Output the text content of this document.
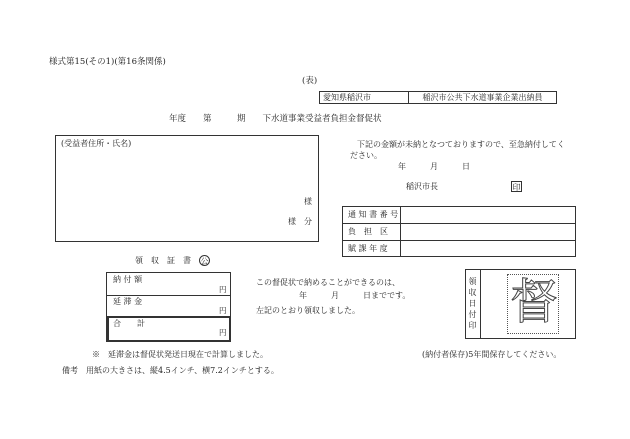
様式第15(その1)(第16条関係)
(表)
愛知県稲沢市	稲沢市公共下水道事業企業出納員
年度　　第　　　期　　下水道事業受益者負担金督促状
(受益者住所・氏名)
様
様　分
下記の金額が未納となつておりますので、至急納付してく
ださい。
年　　　月　　　日
稲沢市長	印
通 知 書 番 号
負　担　区
賦 課 年 度
領　収　証　書 公
納 付 額
円
延 滞 金
円
合　　計
円
この督促状で納めることができるのは、
年　　　月　　　日までです。
左記のとおり領収しました。
領収日付印 督
※　延滞金は督促状発送日現在で計算しました。	(納付者保存)5年間保存してください。
備考　用紙の大きさは、縦4.5インチ、横7.2インチとする。
